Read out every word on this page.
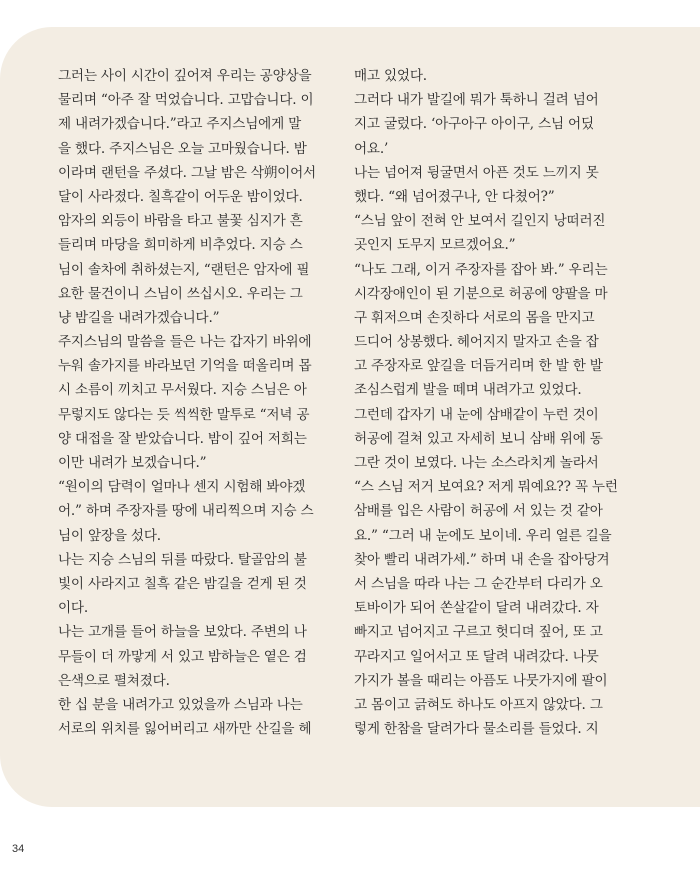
그러는 사이 시간이 깊어져 우리는 공양상을
물리며 “아주 잘 먹었습니다. 고맙습니다. 이
제 내려가겠습니다.”라고 주지스님에게 말
을 했다. 주지스님은 오늘 고마웠습니다. 밤
이라며 랜턴을 주셨다. 그날 밤은 삭朔이어서
달이 사라졌다. 칠흑같이 어두운 밤이었다.
암자의 외등이 바람을 타고 불꽃 심지가 흔
들리며 마당을 희미하게 비추었다. 지승 스
님이 솔차에 취하셨는지, “랜턴은 암자에 필
요한 물건이니 스님이 쓰십시오. 우리는 그
냥 밤길을 내려가겠습니다.”
주지스님의 말씀을 들은 나는 갑자기 바위에
누워 솔가지를 바라보던 기억을 떠올리며 몹
시 소름이 끼치고 무서웠다. 지승 스님은 아
무렇지도 않다는 듯 씩씩한 말투로 “저녁 공
양 대접을 잘 받았습니다. 밤이 깊어 저희는
이만 내려가 보겠습니다.”
“원이의 담력이 얼마나 센지 시험해 봐야겠
어.” 하며 주장자를 땅에 내리찍으며 지승 스
님이 앞장을 섰다.
나는 지승 스님의 뒤를 따랐다. 탈골암의 불
빛이 사라지고 칠흑 같은 밤길을 걷게 된 것
이다.
나는 고개를 들어 하늘을 보았다. 주변의 나
무들이 더 까맣게 서 있고 밤하늘은 옅은 검
은색으로 펼쳐졌다.
한 십 분을 내려가고 있었을까 스님과 나는
서로의 위치를 잃어버리고 새까만 산길을 헤
매고 있었다.
그러다 내가 발길에 뭐가 툭하니 걸려 넘어
지고 굴렀다. ‘아구아구 아이구, 스님 어딨
어요.’
나는 넘어져 뒹굴면서 아픈 것도 느끼지 못
했다. “왜 넘어졌구나, 안 다쳤어?”
“스님 앞이 전혀 안 보여서 길인지 낭떠러진
곳인지 도무지 모르겠어요.”
“나도 그래, 이거 주장자를 잡아 봐.” 우리는
시각장애인이 된 기분으로 허공에 양팔을 마
구 휘저으며 손짓하다 서로의 몸을 만지고
드디어 상봉했다. 헤어지지 말자고 손을 잡
고 주장자로 앞길을 더듬거리며 한 발 한 발
조심스럽게 발을 떼며 내려가고 있었다.
그런데 갑자기 내 눈에 삼배같이 누런 것이
허공에 걸쳐 있고 자세히 보니 삼배 위에 동
그란 것이 보였다. 나는 소스라치게 놀라서
“스 스님 저거 보여요? 저게 뭐예요?? 꼭 누런
삼배를 입은 사람이 허공에 서 있는 것 같아
요.” “그러 내 눈에도 보이네. 우리 얼른 길을
찾아 빨리 내려가세.” 하며 내 손을 잡아당겨
서 스님을 따라 나는 그 순간부터 다리가 오
토바이가 되어 쏜살같이 달려 내려갔다. 자
빠지고 넘어지고 구르고 헛디뎌 짚어, 또 고
꾸라지고 일어서고 또 달려 내려갔다. 나뭇
가지가 볼을 때리는 아픔도 나뭇가지에 팔이
고 몸이고 긁혀도 하나도 아프지 않았다. 그
렇게 한참을 달려가다 물소리를 들었다. 지
34
